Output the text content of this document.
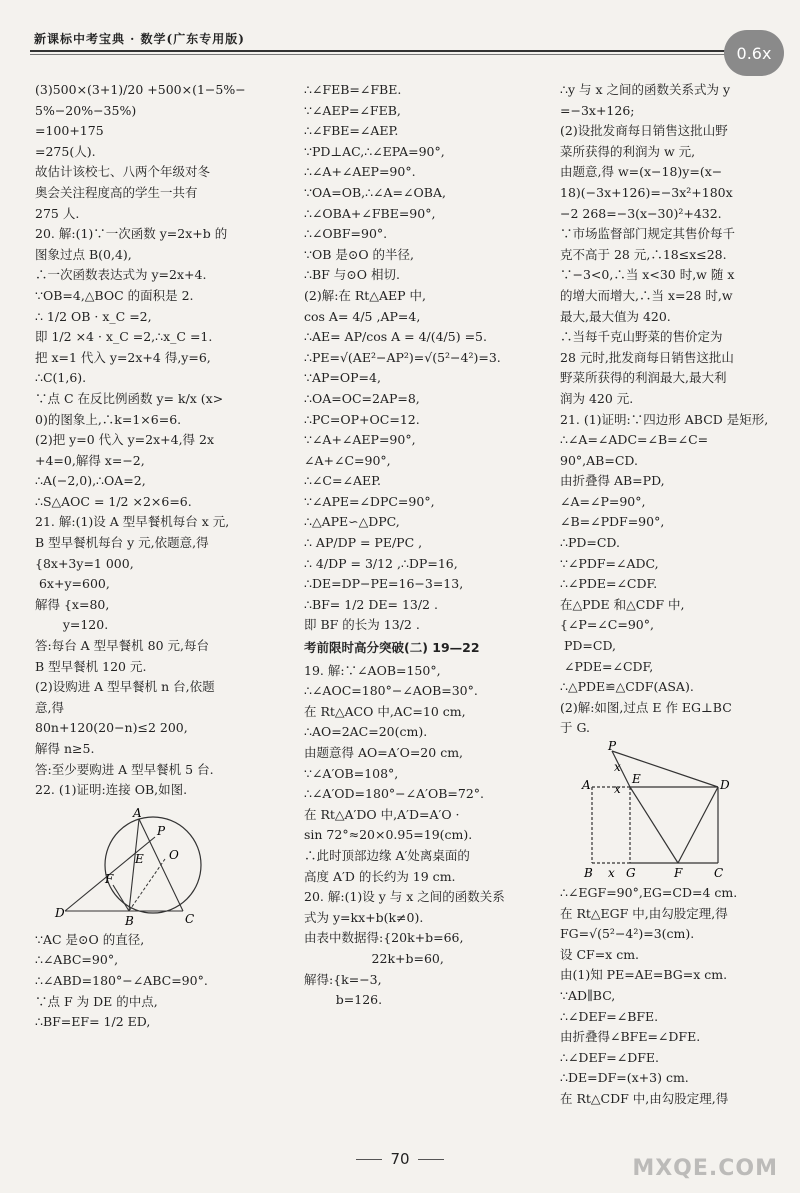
新课标中考宝典 · 数学(广东专用版)
0.6x
(3)500×(3+1)/20 +500×(1−5%−
5%−20%−35%)
=100+175
=275(人).
故估计该校七、八两个年级对冬
奥会关注程度高的学生一共有
275 人.
20. 解:(1)∵一次函数 y=2x+b 的
图象过点 B(0,4),
∴一次函数表达式为 y=2x+4.
∵OB=4,△BOC 的面积是 2.
∴ 1/2 OB · x_C =2,
即 1/2 ×4 · x_C =2,∴x_C =1.
把 x=1 代入 y=2x+4 得,y=6,
∴C(1,6).
∵点 C 在反比例函数 y= k/x (x>
0)的图象上,∴k=1×6=6.
(2)把 y=0 代入 y=2x+4,得 2x
+4=0,解得 x=−2,
∴A(−2,0),∴OA=2,
∴S△AOC = 1/2 ×2×6=6.
21. 解:(1)设 A 型早餐机每台 x 元,
B 型早餐机每台 y 元,依题意,得
{8x+3y=1 000,
6x+y=600,
解得 {x=80,
y=120.
答:每台 A 型早餐机 80 元,每台
B 型早餐机 120 元.
(2)设购进 A 型早餐机 n 台,依题
意,得
80n+120(20−n)≤2 200,
解得 n≥5.
答:至少要购进 A 型早餐机 5 台.
22. (1)证明:连接 OB,如图.
A
P
E O
F
D
B	C
∵AC 是⊙O 的直径,
∴∠ABC=90°,
∴∠ABD=180°−∠ABC=90°.
∵点 F 为 DE 的中点,
∴BF=EF= 1/2 ED,
∴∠FEB=∠FBE.
∵∠AEP=∠FEB,
∴∠FBE=∠AEP.
∵PD⊥AC,∴∠EPA=90°,
∴∠A+∠AEP=90°.
∵OA=OB,∴∠A=∠OBA,
∴∠OBA+∠FBE=90°,
∴∠OBF=90°.
∵OB 是⊙O 的半径,
∴BF 与⊙O 相切.
(2)解:在 Rt△AEP 中,
cos A= 4/5 ,AP=4,
∴AE= AP/cos A = 4/(4/5) =5.
∴PE=√(AE²−AP²)=√(5²−4²)=3.
∵AP=OP=4,
∴OA=OC=2AP=8,
∴PC=OP+OC=12.
∵∠A+∠AEP=90°,
∠A+∠C=90°,
∴∠C=∠AEP.
∵∠APE=∠DPC=90°,
∴△APE∽△DPC,
∴ AP/DP = PE/PC ,
∴ 4/DP = 3/12 ,∴DP=16,
∴DE=DP−PE=16−3=13,
∴BF= 1/2 DE= 13/2 .
即 BF 的长为 13/2 .
考前限时高分突破(二) 19—22
19. 解:∵∠AOB=150°,
∴∠AOC=180°−∠AOB=30°.
在 Rt△ACO 中,AC=10 cm,
∴AO=2AC=20(cm).
由题意得 AO=A′O=20 cm,
∵∠A′OB=108°,
∴∠A′OD=180°−∠A′OB=72°.
在 Rt△A′DO 中,A′D=A′O ·
sin 72°≈20×0.95=19(cm).
∴此时顶部边缘 A′处离桌面的
高度 A′D 的长约为 19 cm.
20. 解:(1)设 y 与 x 之间的函数关系
式为 y=kx+b(k≠0).
由表中数据得:{20k+b=66,
22k+b=60,
解得:{k=−3,
b=126.
∴y 与 x 之间的函数关系式为 y
=−3x+126;
(2)设批发商每日销售这批山野
菜所获得的利润为 w 元,
由题意,得 w=(x−18)y=(x−
18)(−3x+126)=−3x²+180x
−2 268=−3(x−30)²+432.
∵市场监督部门规定其售价每千
克不高于 28 元,∴18≤x≤28.
∵−3<0,∴当 x<30 时,w 随 x
的增大而增大,∴当 x=28 时,w
最大,最大值为 420.
∴当每千克山野菜的售价定为
28 元时,批发商每日销售这批山
野菜所获得的利润最大,最大利
润为 420 元.
21. (1)证明:∵四边形 ABCD 是矩形,
∴∠A=∠ADC=∠B=∠C=
90°,AB=CD.
由折叠得 AB=PD,
∠A=∠P=90°,
∠B=∠PDF=90°,
∴PD=CD.
∵∠PDF=∠ADC,
∴∠PDE=∠CDF.
在△PDE 和△CDF 中,
{∠P=∠C=90°,
PD=CD,
∠PDE=∠CDF,
∴△PDE≌△CDF(ASA).
(2)解:如图,过点 E 作 EG⊥BC
于 G.
P
x
A x
E	D
B x G	F	C
∴∠EGF=90°,EG=CD=4 cm.
在 Rt△EGF 中,由勾股定理,得
FG=√(5²−4²)=3(cm).
设 CF=x cm.
由(1)知 PE=AE=BG=x cm.
∵AD∥BC,
∴∠DEF=∠BFE.
由折叠得∠BFE=∠DFE.
∴∠DEF=∠DFE.
∴DE=DF=(x+3) cm.
在 Rt△CDF 中,由勾股定理,得
70	MXQE.COM
